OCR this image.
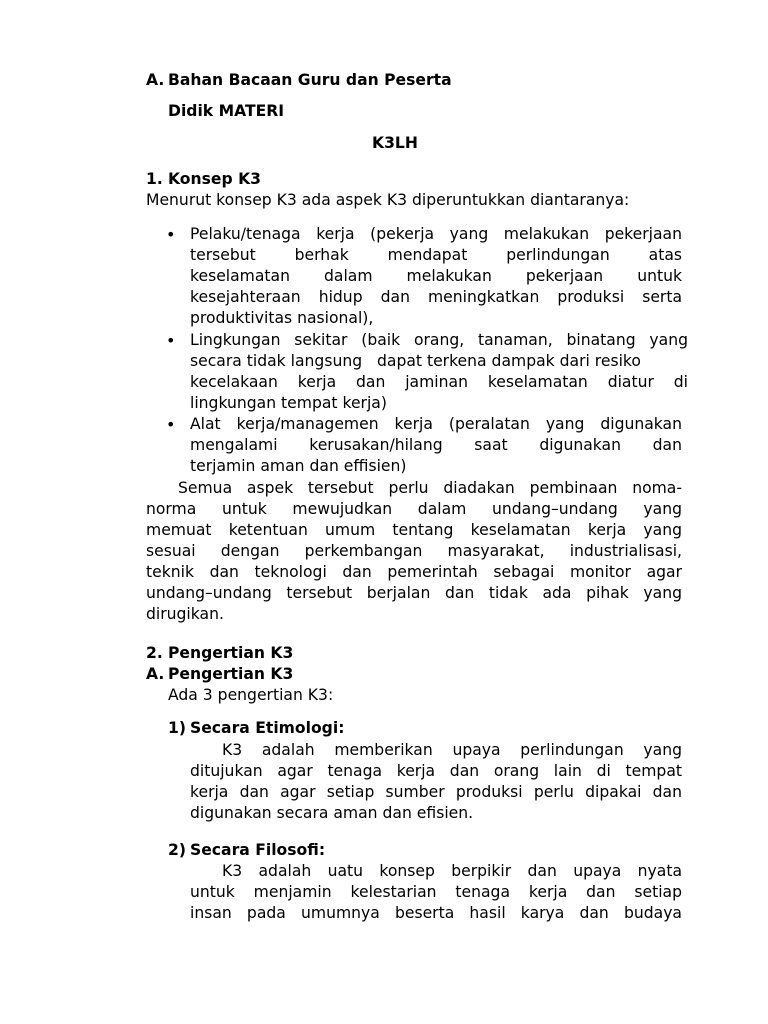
A. Bahan Bacaan Guru dan Peserta
Didik MATERI
K3LH
1. Konsep K3
Menurut konsep K3 ada aspek K3 diperuntukkan diantaranya:
• Pelaku/tenaga kerja (pekerja yang melakukan pekerjaan
tersebut berhak mendapat perlindungan atas
keselamatan dalam melakukan pekerjaan untuk
kesejahteraan hidup dan meningkatkan produksi serta
produktivitas nasional),
• Lingkungan sekitar (baik orang, tanaman, binatang yang
secara tidak langsung   dapat terkena dampak dari resiko
kecelakaan kerja dan jaminan keselamatan diatur di
lingkungan tempat kerja)
• Alat kerja/managemen kerja (peralatan yang digunakan
mengalami kerusakan/hilang saat digunakan dan
terjamin aman dan effisien)
Semua aspek tersebut perlu diadakan pembinaan noma-
norma untuk mewujudkan dalam undang–undang yang
memuat ketentuan umum tentang keselamatan kerja yang
sesuai dengan perkembangan masyarakat, industrialisasi,
teknik dan teknologi dan pemerintah sebagai monitor agar
undang–undang tersebut berjalan dan tidak ada pihak yang
dirugikan.
2. Pengertian K3
A. Pengertian K3
Ada 3 pengertian K3:
1) Secara Etimologi:
K3 adalah memberikan upaya perlindungan yang
ditujukan agar tenaga kerja dan orang lain di tempat
kerja dan agar setiap sumber produksi perlu dipakai dan
digunakan secara aman dan efisien.
2) Secara Filosofi:
K3 adalah uatu konsep berpikir dan upaya nyata
untuk menjamin kelestarian tenaga kerja dan setiap
insan pada umumnya beserta hasil karya dan budaya
